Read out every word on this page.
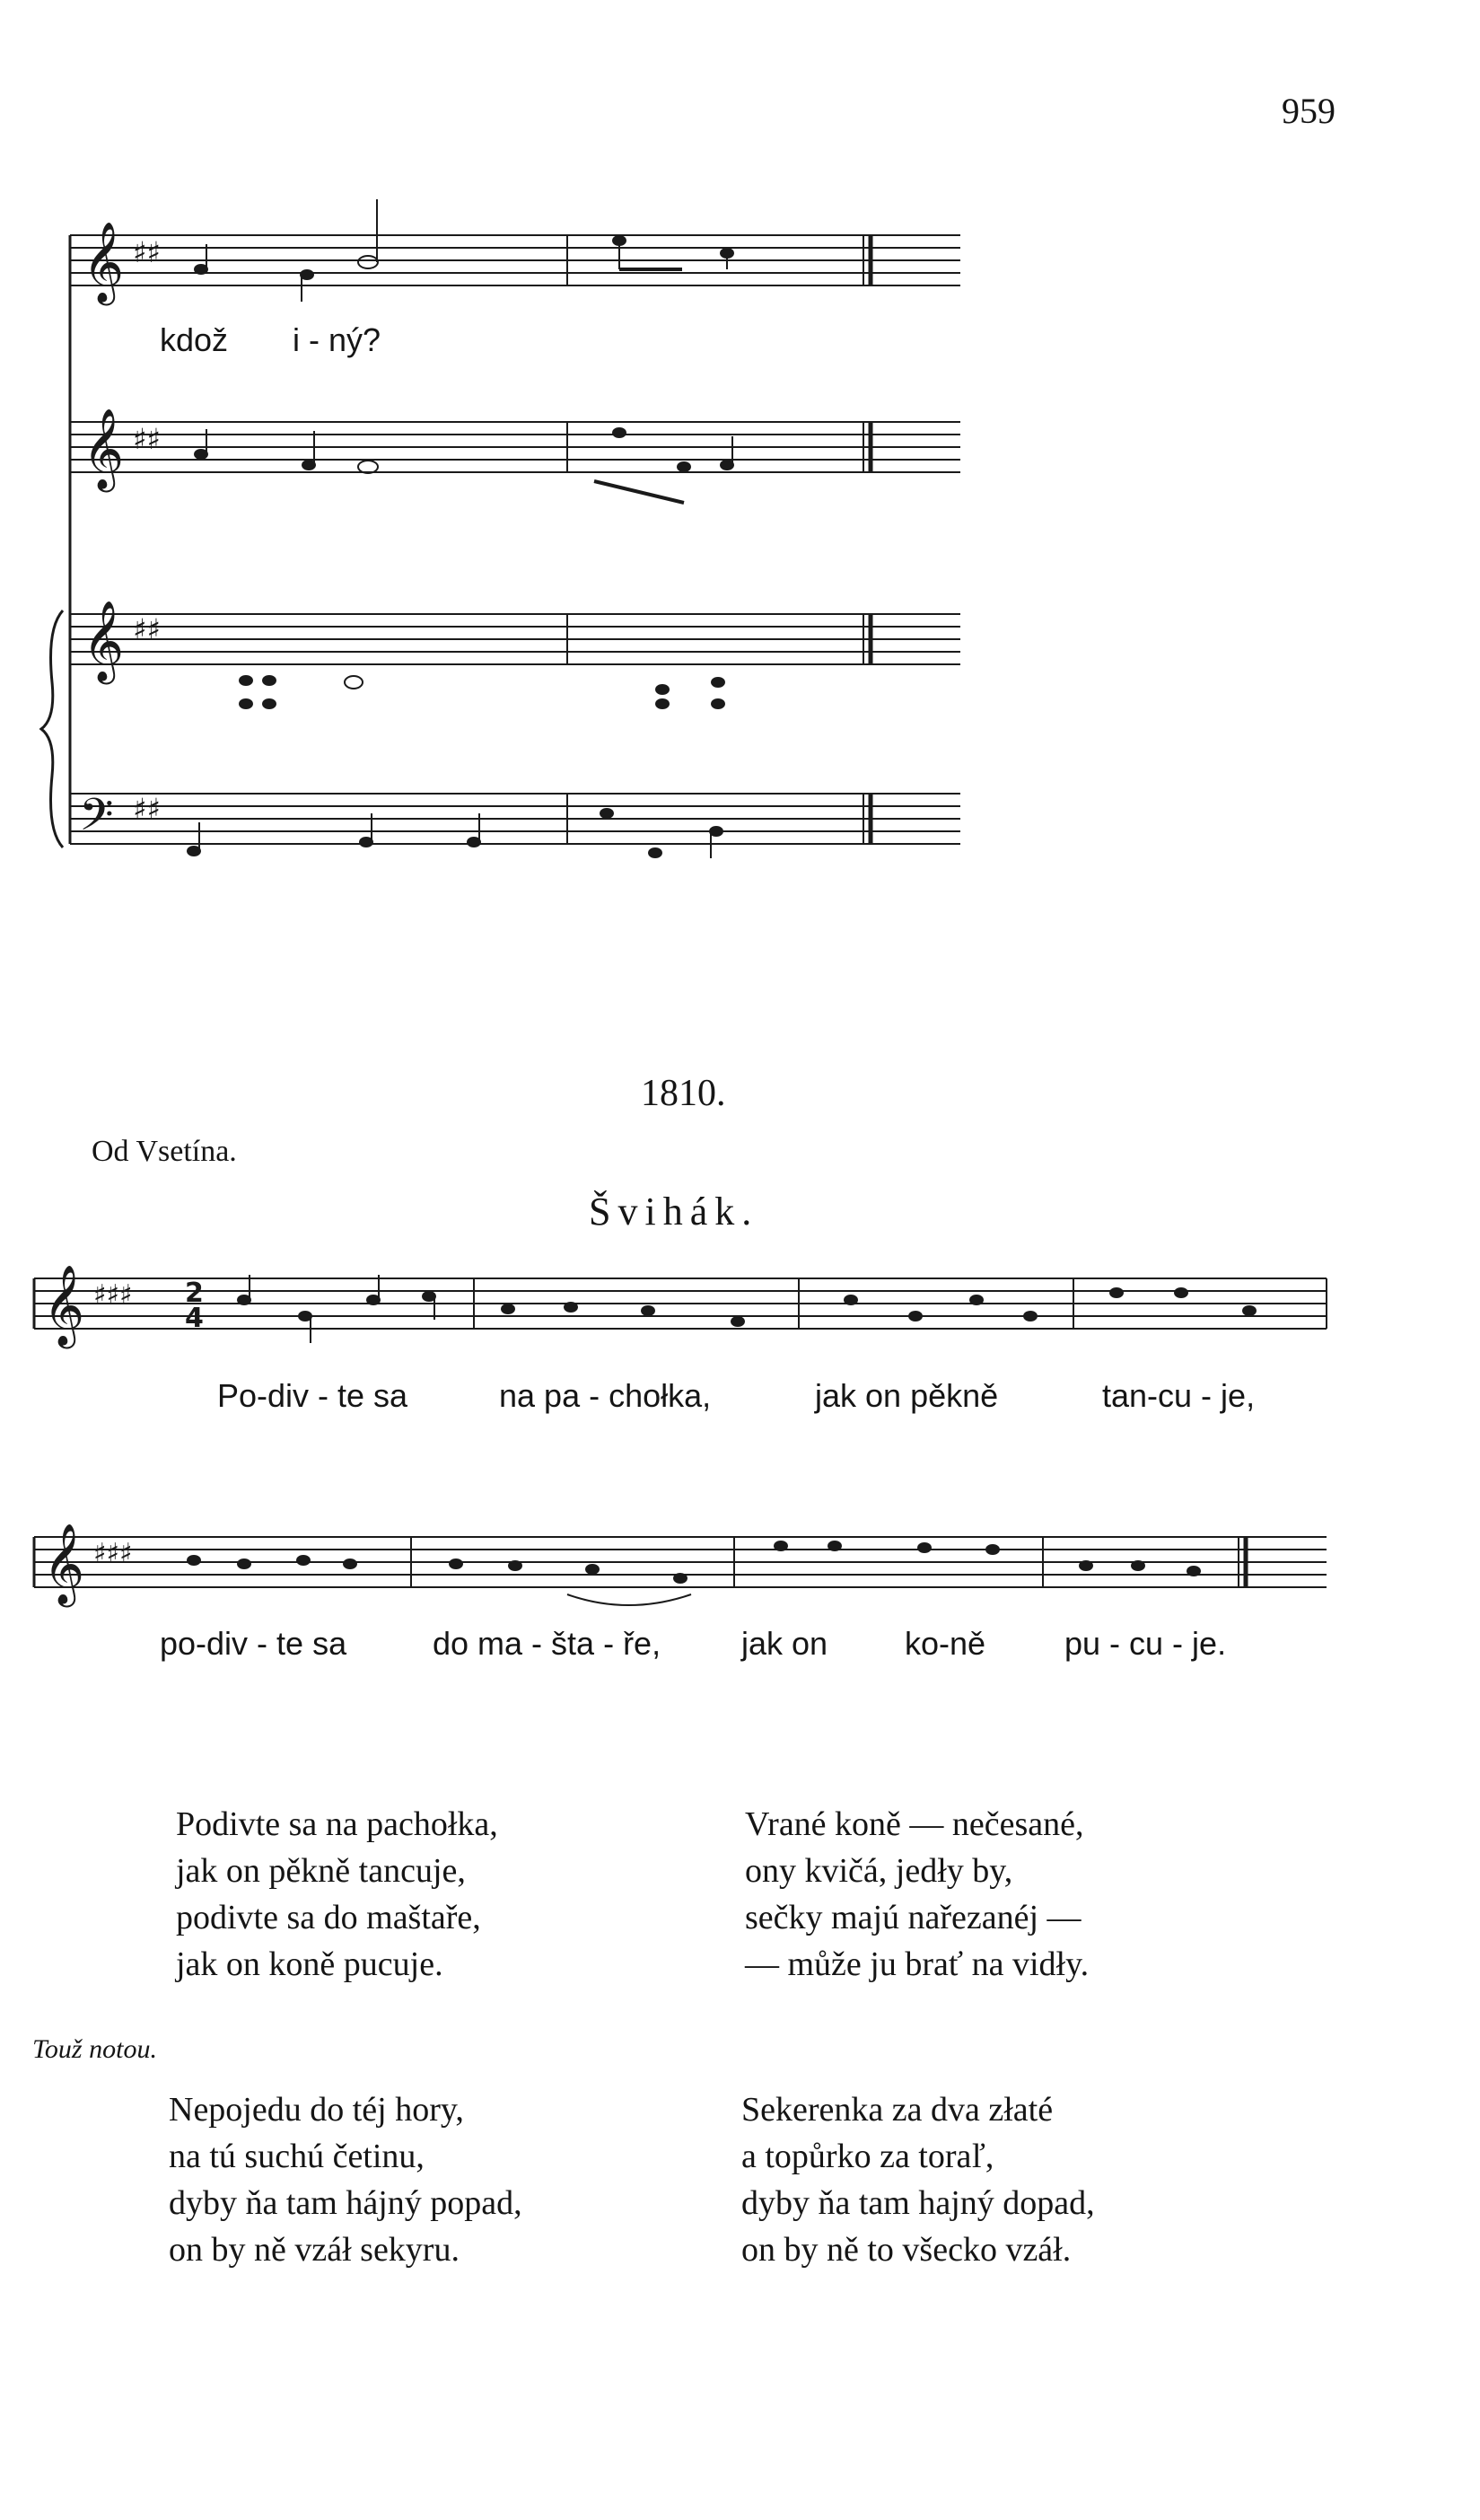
959
𝄞
𝄞
𝄞
𝄢
♯♯
♯♯
♯♯
♯♯
𝄞 ♯♯♯
𝄞 ♯♯♯
2
4
kdož i - ný?
1810.
Od Vsetína.
Švihák.
Po-div - te sa	na pa - chołka,	jak on pěkně	tan-cu - je,
po-div - te sa	do ma - šta - ře, jak on ko-ně pu - cu - je.
Podivte sa na pachołka,
jak on pěkně tancuje,
podivte sa do maštaře,
jak on koně pucuje.
Vrané koně — nečesané,
ony kvičá, jedły by,
sečky majú nařezanéj —
— může ju brať na vidły.
Touž notou.
Nepojedu do téj hory,
na tú suchú četinu,
dyby ňa tam hájný popad,
on by ně vzáł sekyru.
Sekerenka za dva złaté
a topůrko za toraľ,
dyby ňa tam hajný dopad,
on by ně to všecko vzáł.
